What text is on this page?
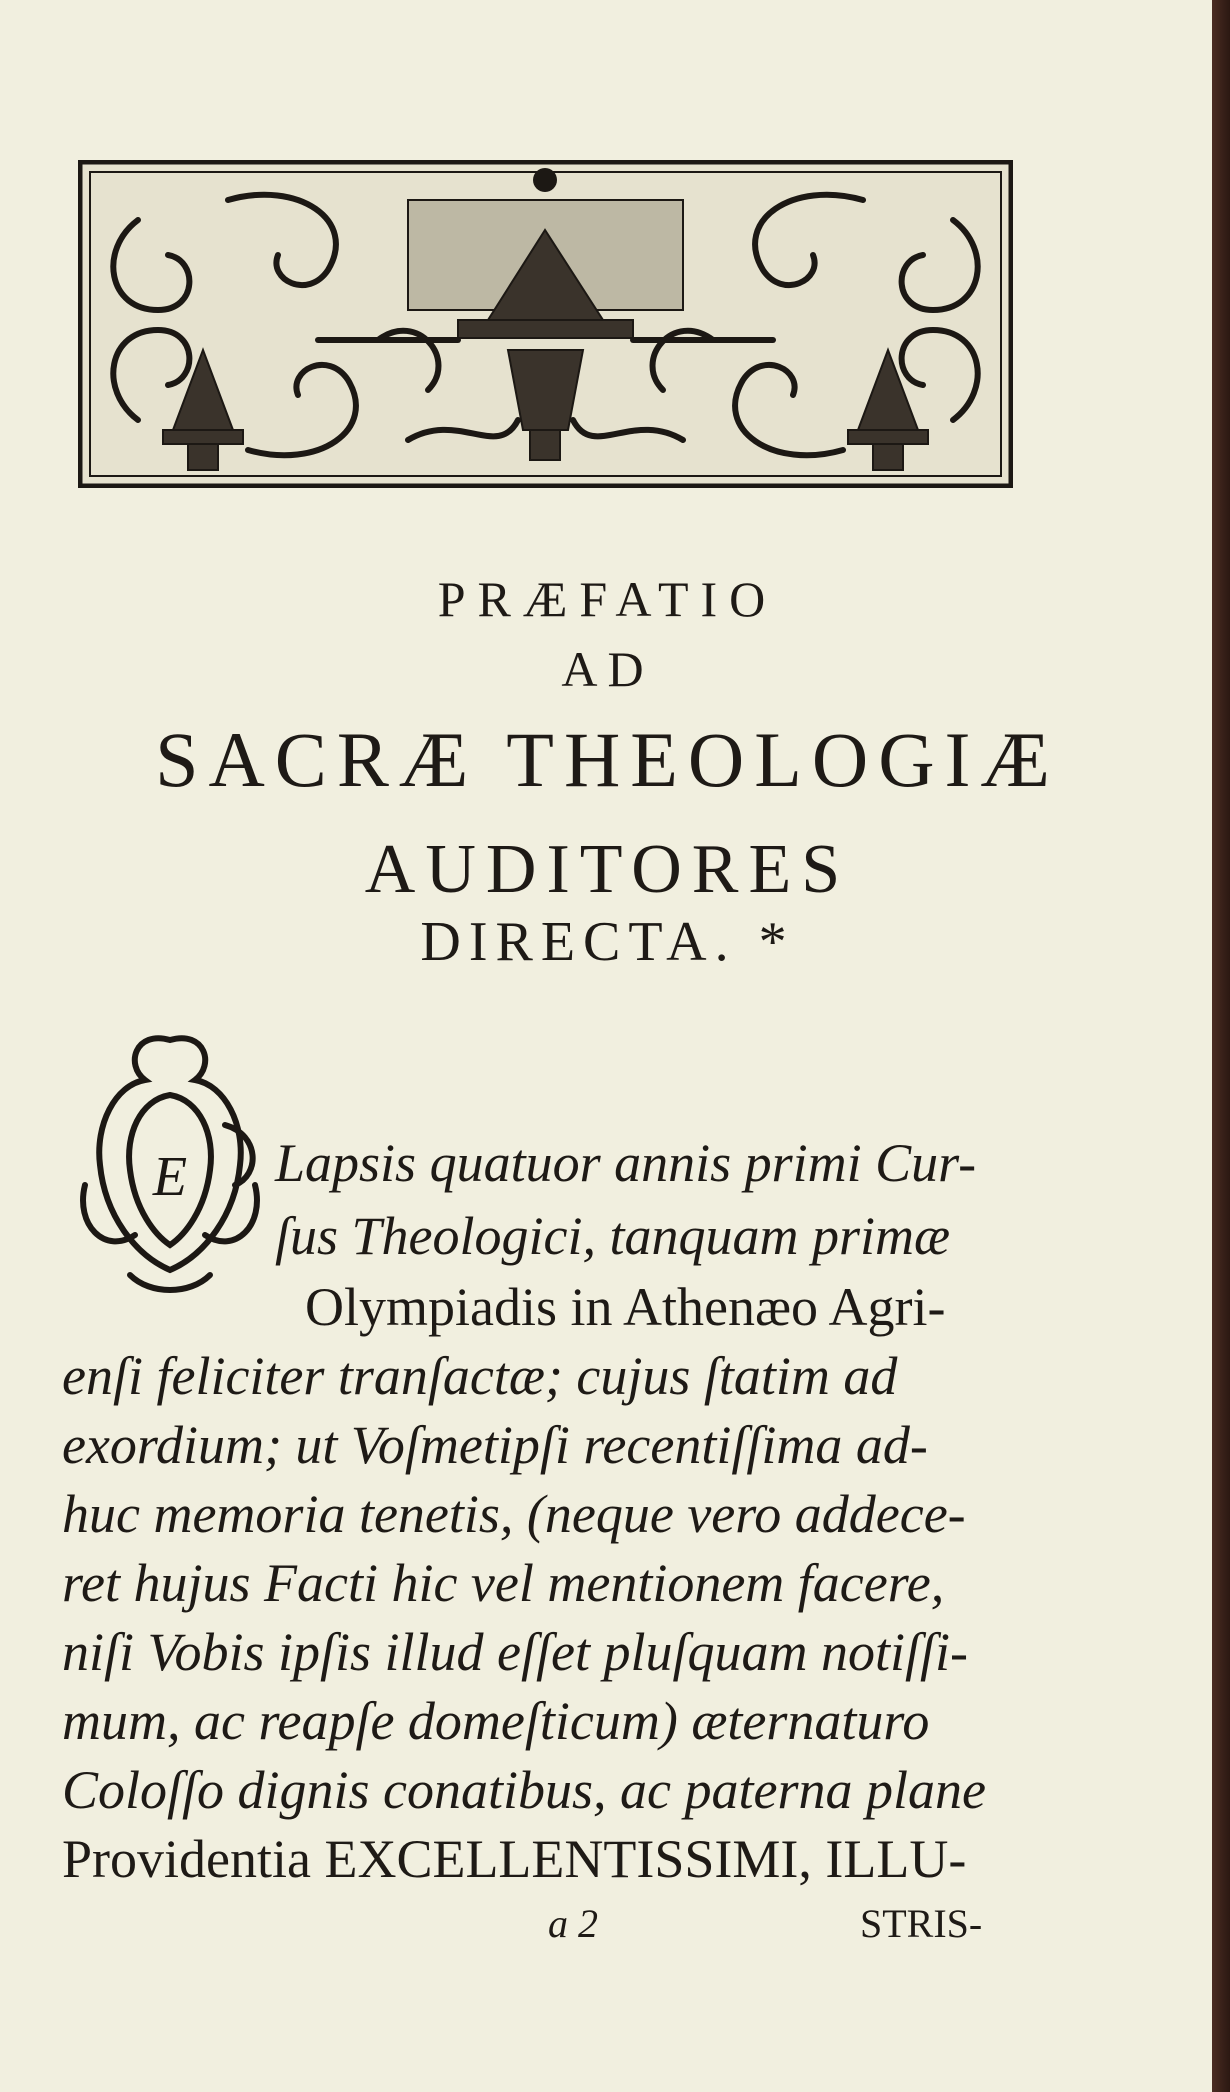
PRÆFATIO
AD
SACRÆ THEOLOGIÆ
AUDITORES
DIRECTA. *
E Lapsis quatuor annis primi Cur-
ſus Theologici, tanquam primæ
Olympiadis in Athenæo Agri-
enſi feliciter tranſactæ; cujus ſtatim ad
exordium; ut Voſmetipſi recentiſſima ad-
huc memoria tenetis, (neque vero addece-
ret hujus Facti hic vel mentionem facere,
niſi Vobis ipſis illud eſſet pluſquam notiſſi-
mum, ac reapſe domeſticum) æternaturo
Coloſſo dignis conatibus, ac paterna plane
Providentia EXCELLENTISSIMI, ILLU-
a 2	STRIS-
